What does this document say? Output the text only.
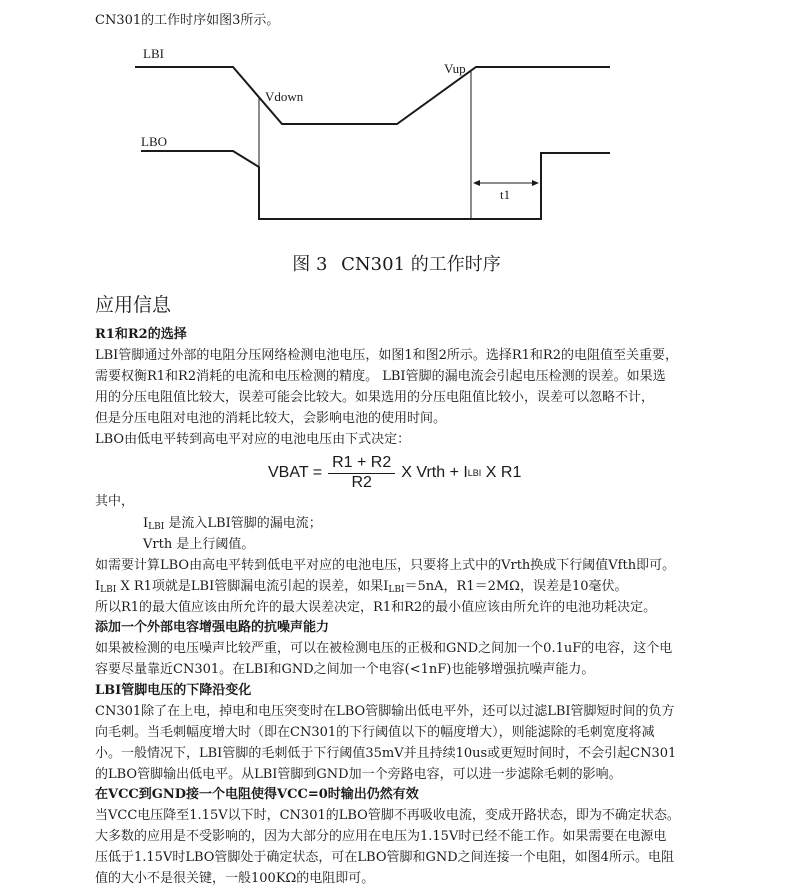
CN301的工作时序如图3所示。
LBI
LBO
Vdown
Vup
t1
图 3 CN301 的工作时序
应用信息
R1和R2的选择
LBI管脚通过外部的电阻分压网络检测电池电压，如图1和图2所示。选择R1和R2的电阻值至关重要，
需要权衡R1和R2消耗的电流和电压检测的精度。 LBI管脚的漏电流会引起电压检测的误差。如果选
用的分压电阻值比较大，误差可能会比较大。如果选用的分压电阻值比较小，误差可以忽略不计，
但是分压电阻对电池的消耗比较大，会影响电池的使用时间。
LBO由低电平转到高电平对应的电池电压由下式决定：
VBAT = $\frac{R1 + R2}{R2}$ X Vrth + I LBI
X R1
其中，
$I_{LBI}$ 是流入LBI管脚的漏电流；
Vrth 是上行阈值。
如需要计算LBO由高电平转到低电平对应的电池电压，只要将上式中的Vrth换成下行阈值Vfth即可。
$I_{LBI}$ X R1项就是LBI管脚漏电流引起的误差，如果$I_{LBI}=5nA$，R1＝2MΩ，误差是10毫伏。
所以R1的最大值应该由所允许的最大误差决定，R1和R2的最小值应该由所允许的电池功耗决定。
添加一个外部电容增强电路的抗噪声能力
如果被检测的电压噪声比较严重，可以在被检测电压的正极和GND之间加一个0.1uF的电容，这个电
容要尽量靠近CN301。在LBI和GND之间加一个电容(<1nF)也能够增强抗噪声能力。
LBI管脚电压的下降沿变化
CN301除了在上电，掉电和电压突变时在LBO管脚输出低电平外，还可以过滤LBI管脚短时间的负方
向毛刺。当毛刺幅度增大时（即在CN301的下行阈值以下的幅度增大），则能滤除的毛刺宽度将减
小。一般情况下，LBI管脚的毛刺低于下行阈值35mV并且持续10us或更短时间时，不会引起CN301
的LBO管脚输出低电平。从LBI管脚到GND加一个旁路电容，可以进一步滤除毛刺的影响。
在VCC到GND接一个电阻使得VCC=0时输出仍然有效
当VCC电压降至1.15V以下时，CN301的LBO管脚不再吸收电流，变成开路状态，即为不确定状态。
大多数的应用是不受影响的，因为大部分的应用在电压为1.15V时已经不能工作。如果需要在电源电
压低于1.15V时LBO管脚处于确定状态，可在LBO管脚和GND之间连接一个电阻，如图4所示。电阻
值的大小不是很关键，一般100KΩ的电阻即可。
